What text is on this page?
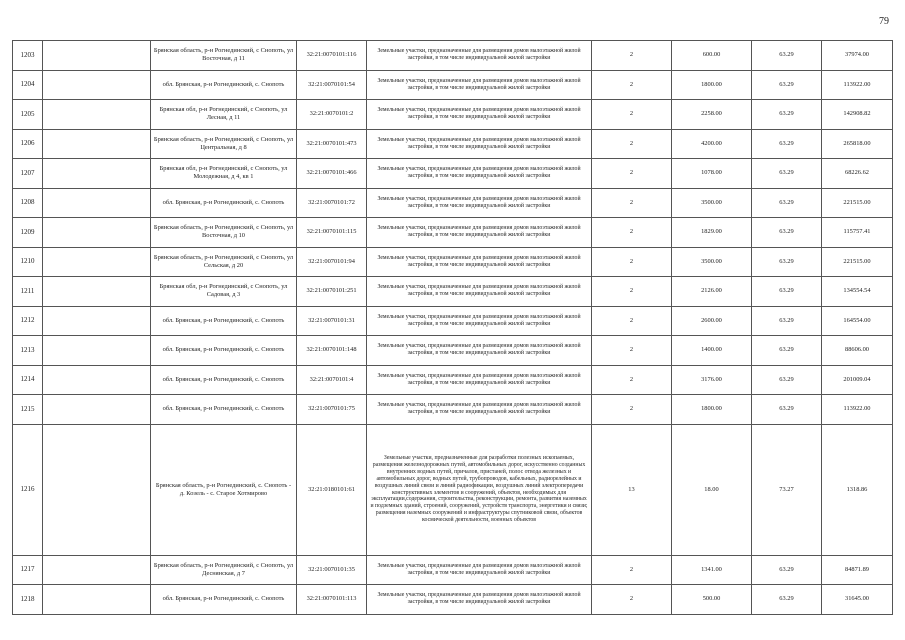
79
1203		Брянская область, р-н Рогнединский, с Снопоть, ул Восточная, д 11	32:21:0070101:116	Земельные участки, предназначенные для размещения домов малоэтажной жилой застройки, в том числе индивидуальной жилой застройки	2	600.00	63.29	37974.00
1204		обл. Брянская, р-н Рогнединский, с. Снопоть	32:21:0070101:54	Земельные участки, предназначенные для размещения домов малоэтажной жилой застройки, в том числе индивидуальной жилой застройки	2	1800.00	63.29	113922.00
1205		Брянская обл, р-н Рогнединский, с Снопоть, ул Лесная, д 11	32:21:0070101:2	Земельные участки, предназначенные для размещения домов малоэтажной жилой застройки, в том числе индивидуальной жилой застройки	2	2258.00	63.29	142908.82
1206		Брянская область, р-н Рогнединский, с Снопоть, ул Центральная, д 8	32:21:0070101:473	Земельные участки, предназначенные для размещения домов малоэтажной жилой застройки, в том числе индивидуальной жилой застройки	2	4200.00	63.29	265818.00
1207		Брянская обл, р-н Рогнединский, с Снопоть, ул Молодежная, д 4, кв 1	32:21:0070101:466	Земельные участки, предназначенные для размещения домов малоэтажной жилой застройки, в том числе индивидуальной жилой застройки	2	1078.00	63.29	68226.62
1208		обл. Брянская, р-н Рогнединский, с. Снопоть	32:21:0070101:72	Земельные участки, предназначенные для размещения домов малоэтажной жилой застройки, в том числе индивидуальной жилой застройки	2	3500.00	63.29	221515.00
1209		Брянская область, р-н Рогнединский, с Снопоть, ул Восточная, д 10	32:21:0070101:115	Земельные участки, предназначенные для размещения домов малоэтажной жилой застройки, в том числе индивидуальной жилой застройки	2	1829.00	63.29	115757.41
1210		Брянская область, р-н Рогнединский, с Снопоть, ул Сельская, д 20	32:21:0070101:94	Земельные участки, предназначенные для размещения домов малоэтажной жилой застройки, в том числе индивидуальной жилой застройки	2	3500.00	63.29	221515.00
1211		Брянская обл, р-н Рогнединский, с Снопоть, ул Садовая, д 3	32:21:0070101:251	Земельные участки, предназначенные для размещения домов малоэтажной жилой застройки, в том числе индивидуальной жилой застройки	2	2126.00	63.29	134554.54
1212		обл. Брянская, р-н Рогнединский, с. Снопоть	32:21:0070101:31	Земельные участки, предназначенные для размещения домов малоэтажной жилой застройки, в том числе индивидуальной жилой застройки	2	2600.00	63.29	164554.00
1213		обл. Брянская, р-н Рогнединский, с. Снопоть	32:21:0070101:148	Земельные участки, предназначенные для размещения домов малоэтажной жилой застройки, в том числе индивидуальной жилой застройки	2	1400.00	63.29	88606.00
1214		обл. Брянская, р-н Рогнединский, с. Снопоть	32:21:0070101:4	Земельные участки, предназначенные для размещения домов малоэтажной жилой застройки, в том числе индивидуальной жилой застройки	2	3176.00	63.29	201009.04
1215		обл. Брянская, р-н Рогнединский, с. Снопоть	32:21:0070101:75	Земельные участки, предназначенные для размещения домов малоэтажной жилой застройки, в том числе индивидуальной жилой застройки	2	1800.00	63.29	113922.00
1216		Брянская область, р-н Рогнединский, с. Снопоть - д. Козель - с. Старое Хотмирово	32:21:0180101:61	Земельные участки, предназначенные для разработки полезных ископаемых, размещения железнодорожных путей, автомобильных дорог, искусственно созданных внутренних водных путей, причалов, пристаней, полос отвода железных и автомобильных дорог, водных путей, трубопроводов, кабельных, радиорелейных и воздушных линий связи и линий радиофикации, воздушных линий электропередачи конструктивных элементов и сооружений, объектов, необходимых для эксплуатации,содержания, строительства, реконструкции, ремонта, развития наземных и подземных зданий, строений, сооружений, устройств транспорта, энергетики и связи; размещения наземных сооружений и инфраструктуры спутниковой связи, объектов космической деятельности, военных объектов	13	18.00	73.27	1318.86
1217		Брянская область, р-н Рогнединский, с Снопоть, ул Деснянская, д 7	32:21:0070101:35	Земельные участки, предназначенные для размещения домов малоэтажной жилой застройки, в том числе индивидуальной жилой застройки	2	1341.00	63.29	84871.89
1218		обл. Брянская, р-н Рогнединский, с. Снопоть	32:21:0070101:113	Земельные участки, предназначенные для размещения домов малоэтажной жилой застройки, в том числе индивидуальной жилой застройки	2	500.00	63.29	31645.00
